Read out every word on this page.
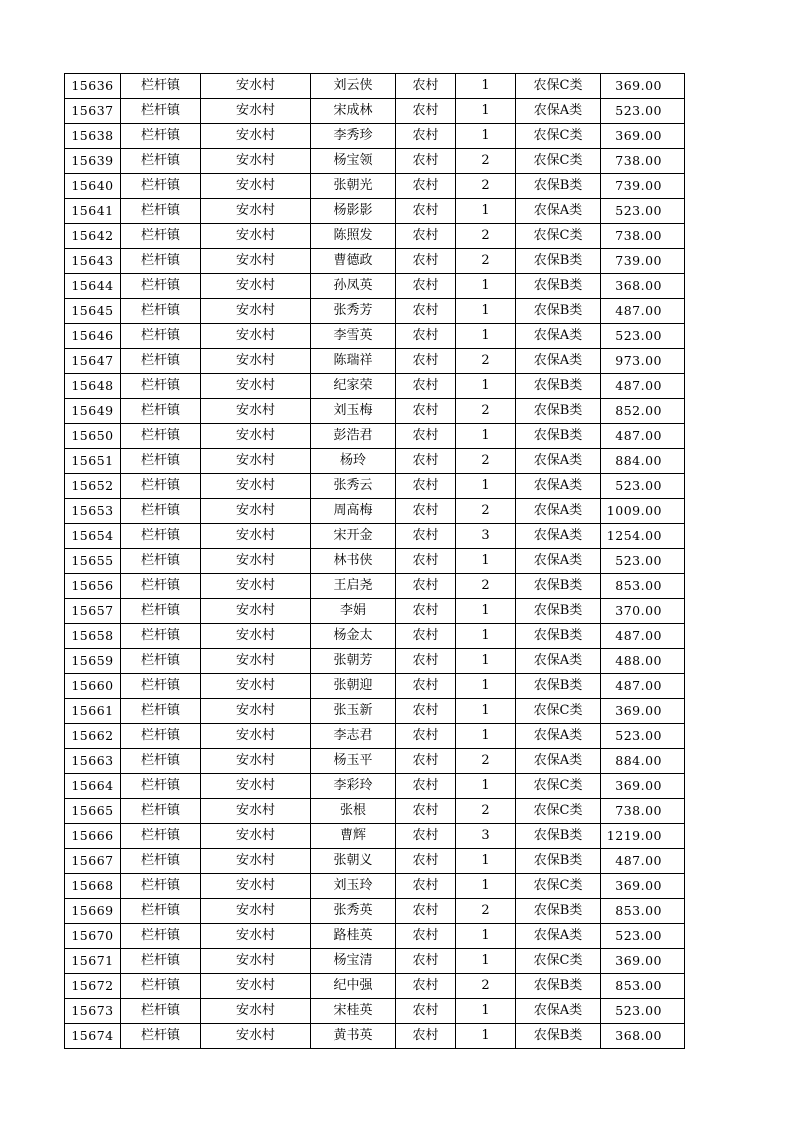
15636	栏杆镇	安水村	刘云侠	农村	1	农保C类	369.00
15637	栏杆镇	安水村	宋成林	农村	1	农保A类	523.00
15638	栏杆镇	安水村	李秀珍	农村	1	农保C类	369.00
15639	栏杆镇	安水村	杨宝领	农村	2	农保C类	738.00
15640	栏杆镇	安水村	张朝光	农村	2	农保B类	739.00
15641	栏杆镇	安水村	杨影影	农村	1	农保A类	523.00
15642	栏杆镇	安水村	陈照发	农村	2	农保C类	738.00
15643	栏杆镇	安水村	曹德政	农村	2	农保B类	739.00
15644	栏杆镇	安水村	孙凤英	农村	1	农保B类	368.00
15645	栏杆镇	安水村	张秀芳	农村	1	农保B类	487.00
15646	栏杆镇	安水村	李雪英	农村	1	农保A类	523.00
15647	栏杆镇	安水村	陈瑞祥	农村	2	农保A类	973.00
15648	栏杆镇	安水村	纪家荣	农村	1	农保B类	487.00
15649	栏杆镇	安水村	刘玉梅	农村	2	农保B类	852.00
15650	栏杆镇	安水村	彭浩君	农村	1	农保B类	487.00
15651	栏杆镇	安水村	杨玲	农村	2	农保A类	884.00
15652	栏杆镇	安水村	张秀云	农村	1	农保A类	523.00
15653	栏杆镇	安水村	周高梅	农村	2	农保A类	1009.00
15654	栏杆镇	安水村	宋开金	农村	3	农保A类	1254.00
15655	栏杆镇	安水村	林书侠	农村	1	农保A类	523.00
15656	栏杆镇	安水村	王启尧	农村	2	农保B类	853.00
15657	栏杆镇	安水村	李娟	农村	1	农保B类	370.00
15658	栏杆镇	安水村	杨金太	农村	1	农保B类	487.00
15659	栏杆镇	安水村	张朝芳	农村	1	农保A类	488.00
15660	栏杆镇	安水村	张朝迎	农村	1	农保B类	487.00
15661	栏杆镇	安水村	张玉新	农村	1	农保C类	369.00
15662	栏杆镇	安水村	李志君	农村	1	农保A类	523.00
15663	栏杆镇	安水村	杨玉平	农村	2	农保A类	884.00
15664	栏杆镇	安水村	李彩玲	农村	1	农保C类	369.00
15665	栏杆镇	安水村	张根	农村	2	农保C类	738.00
15666	栏杆镇	安水村	曹辉	农村	3	农保B类	1219.00
15667	栏杆镇	安水村	张朝义	农村	1	农保B类	487.00
15668	栏杆镇	安水村	刘玉玲	农村	1	农保C类	369.00
15669	栏杆镇	安水村	张秀英	农村	2	农保B类	853.00
15670	栏杆镇	安水村	路桂英	农村	1	农保A类	523.00
15671	栏杆镇	安水村	杨宝清	农村	1	农保C类	369.00
15672	栏杆镇	安水村	纪中强	农村	2	农保B类	853.00
15673	栏杆镇	安水村	宋桂英	农村	1	农保A类	523.00
15674	栏杆镇	安水村	黄书英	农村	1	农保B类	368.00
